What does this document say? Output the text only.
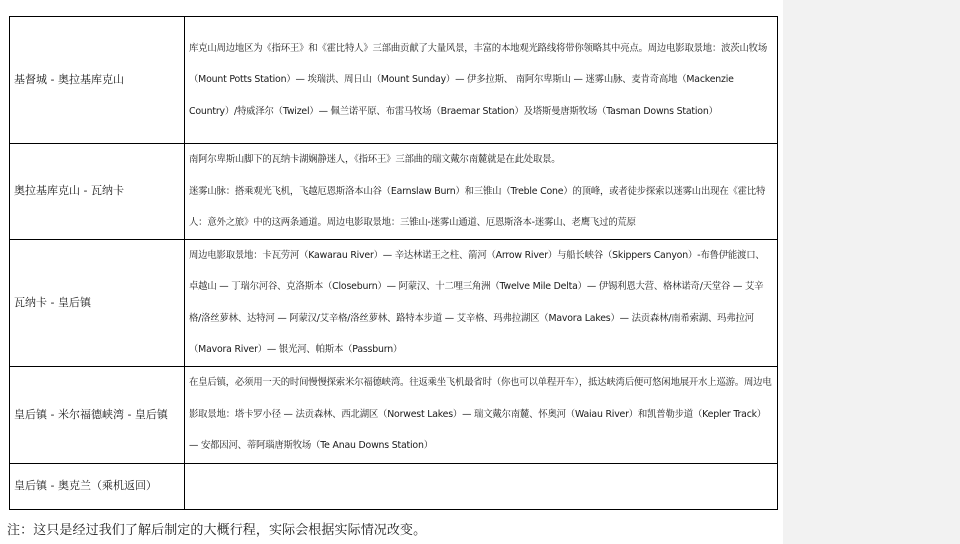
基督城 - 奥拉基库克山	库克山周边地区为《指环王》和《霍比特人》三部曲贡献了大量风景，丰富的本地观光路线将带你领略其中亮点。周边电影取景地：波茨山牧场（Mount Potts Station）— 埃瑞洪、周日山（Mount Sunday）— 伊多拉斯、 南阿尔卑斯山 — 迷雾山脉、麦肯奇高地（Mackenzie Country）/特威泽尔（Twizel）— 佩兰诺平原、布雷马牧场（Braemar Station）及塔斯曼唐斯牧场（Tasman Downs Station）

奥拉基库克山 - 瓦纳卡	南阿尔卑斯山脚下的瓦纳卡湖娴静迷人，《指环王》三部曲的瑞文戴尔南麓就是在此处取景。

迷雾山脉：搭乘观光飞机，飞越厄恩斯洛本山谷（Earnslaw Burn）和三锥山（Treble Cone）的顶峰，或者徒步探索以迷雾山出现在《霍比特人：意外之旅》中的这两条通道。周边电影取景地：三锥山-迷雾山通道、厄恩斯洛本-迷雾山、老鹰飞过的荒原

瓦纳卡 - 皇后镇	周边电影取景地：卡瓦劳河（Kawarau River）— 辛达林诺王之柱、箭河（Arrow River）与船长峡谷（Skippers Canyon）-布鲁伊能渡口、卓越山 — 丁瑞尔河谷、克洛斯本（Closeburn）— 阿蒙汉、十二哩三角洲（Twelve Mile Delta）— 伊锡利恩大营、格林诺奇/天堂谷 — 艾辛格/洛丝萝林、达特河 — 阿蒙汉/艾辛格/洛丝萝林、路特本步道 — 艾辛格、玛弗拉湖区（Mavora Lakes）— 法贡森林/南希索湖、玛弗拉河（Mavora River）— 银光河、帕斯本（Passburn）

皇后镇 - 米尔福德峡湾 - 皇后镇	在皇后镇，必须用一天的时间慢慢探索米尔福德峡湾。往返乘坐飞机最省时（你也可以单程开车），抵达峡湾后便可悠闲地展开水上巡游。周边电影取景地：塔卡罗小径 — 法贡森林、西北湖区（Norwest Lakes）— 瑞文戴尔南麓、怀奥河（Waiau River）和凯普勒步道（Kepler Track）— 安都因河、蒂阿瑙唐斯牧场（Te Anau Downs Station）

皇后镇 - 奥克兰（乘机返回）	
注：这只是经过我们了解后制定的大概行程，实际会根据实际情况改变。
